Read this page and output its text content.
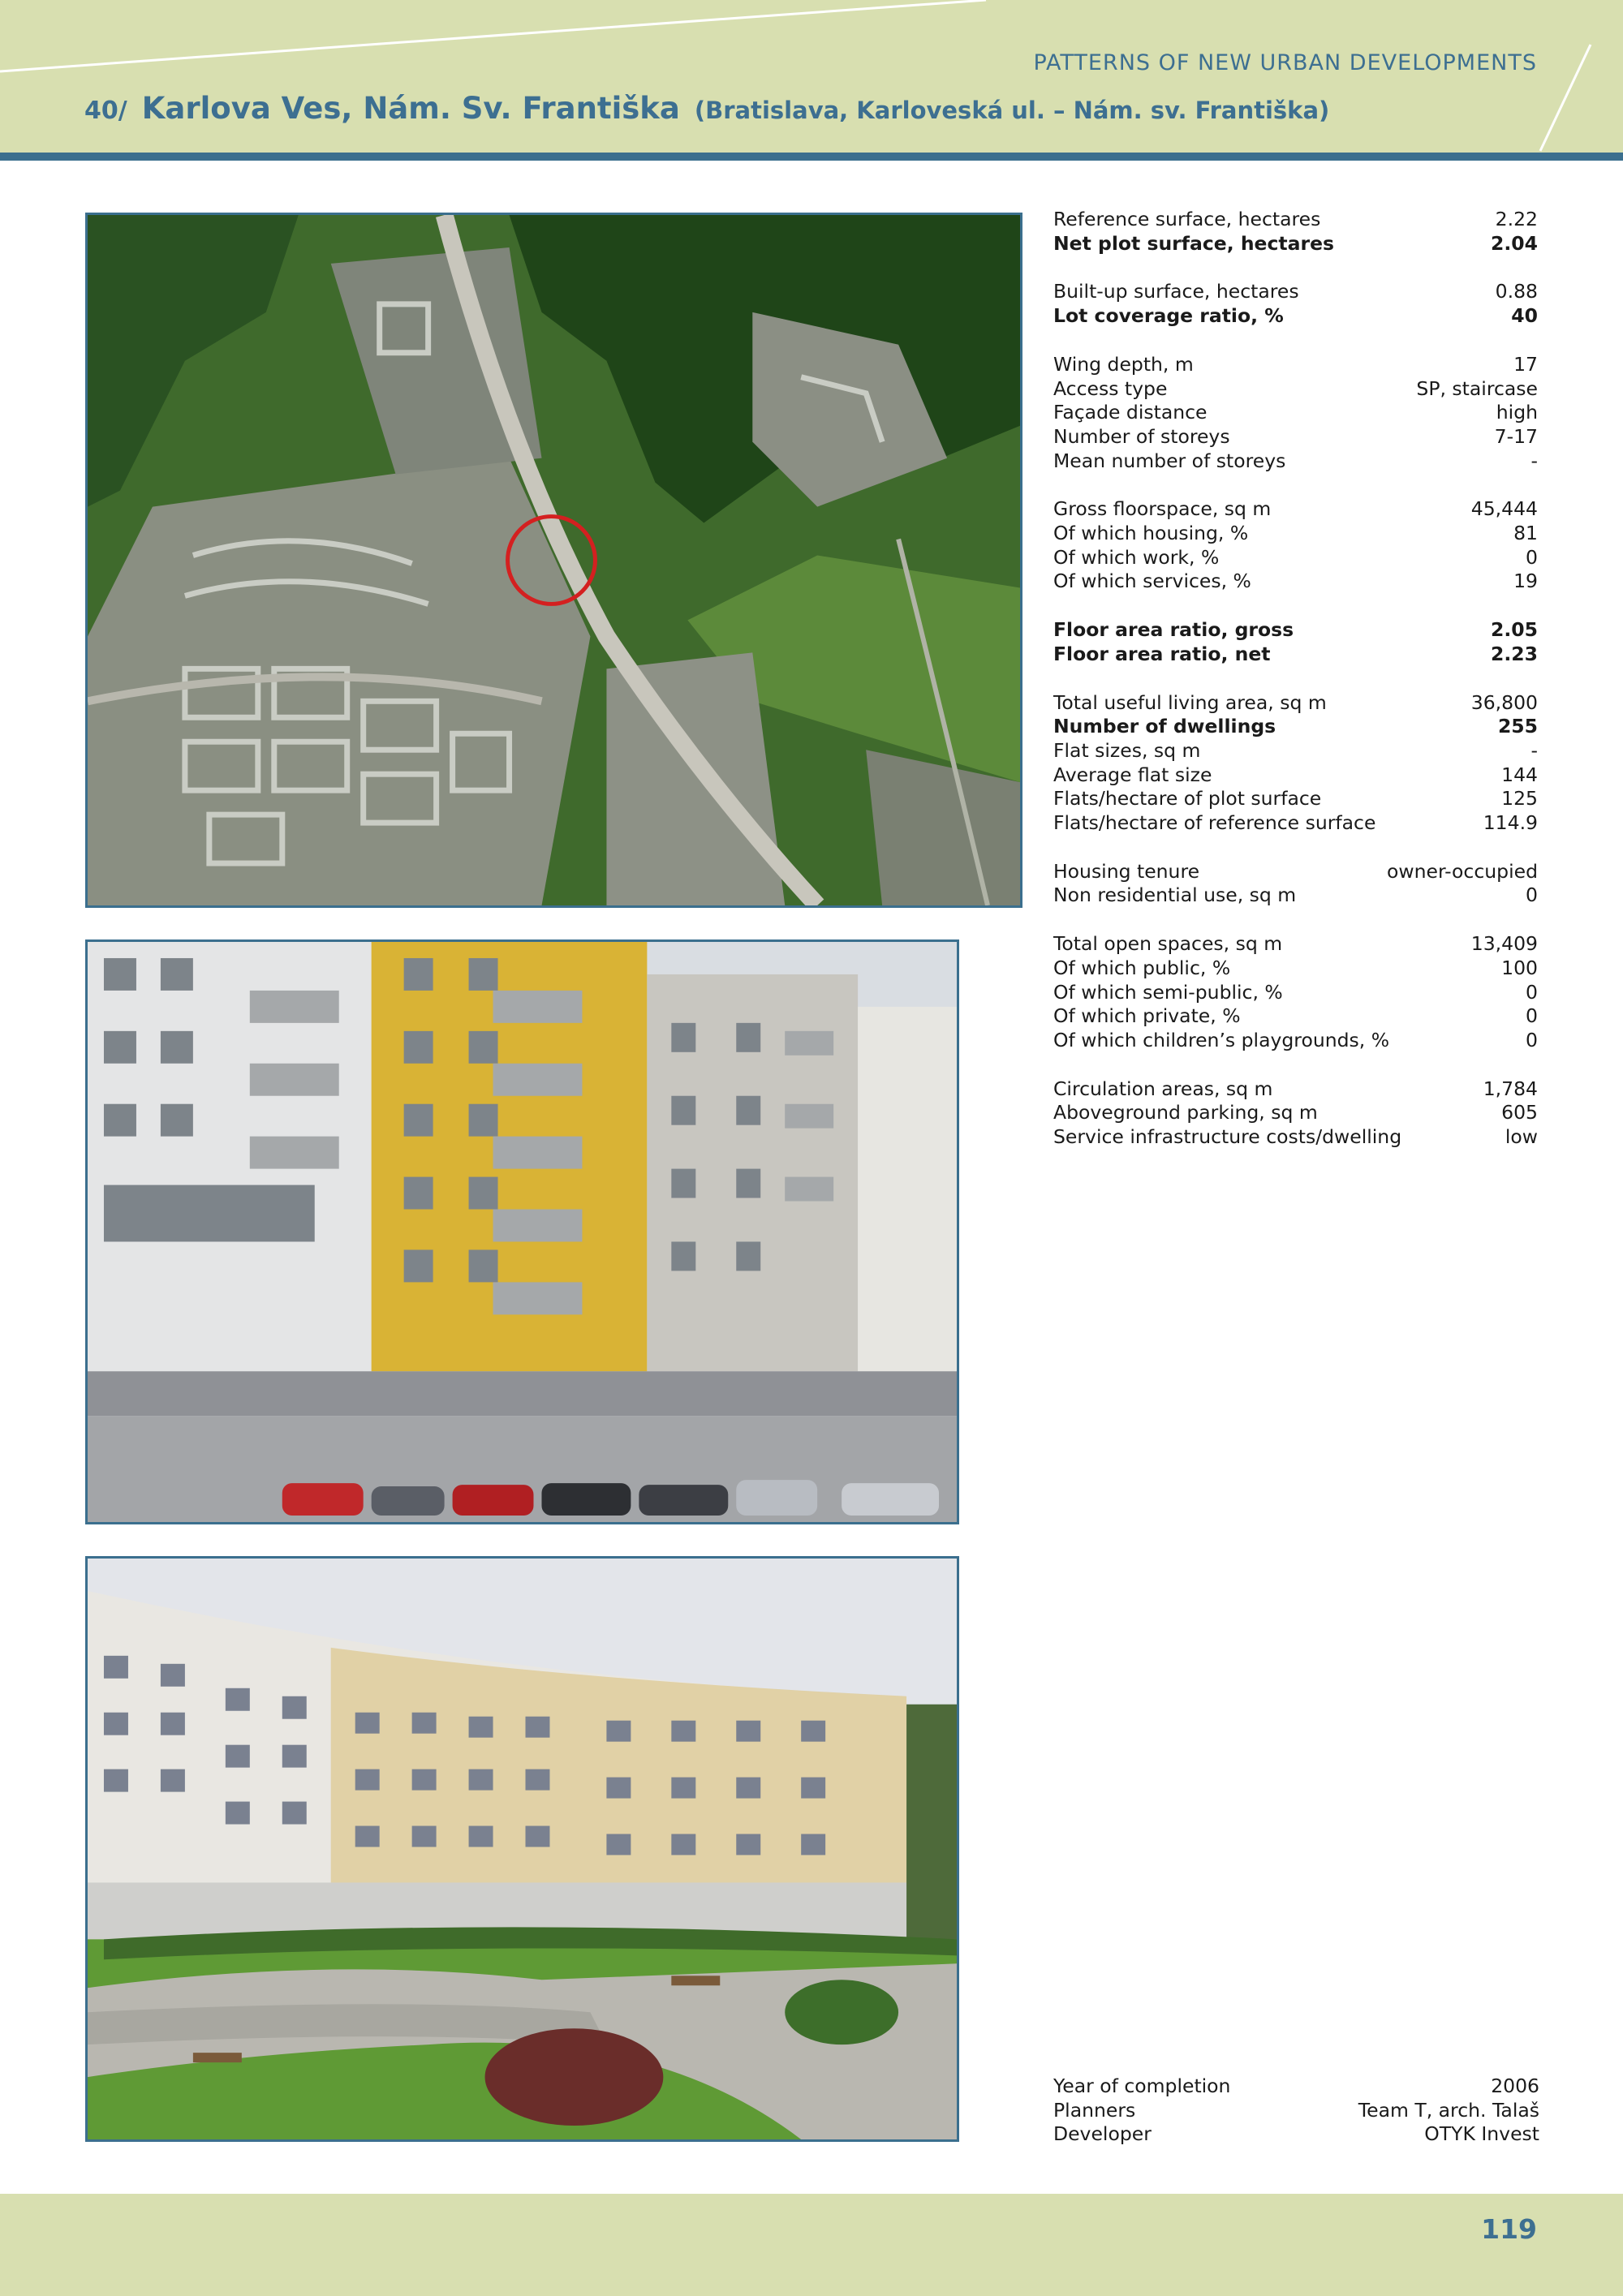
PATTERNS OF NEW URBAN DEVELOPMENTS
40/ Karlova Ves, Nám. Sv. Františka (Bratislava, Karloveská ul. – Nám. sv. Františka)
Reference surface, hectares	2.22
Net plot surface, hectares	2.04
Built-up surface, hectares	0.88
Lot coverage ratio, %	40
Wing depth, m	17
Access type	SP, staircase
Façade distance	high
Number of storeys	7-17
Mean number of storeys	-
Gross floorspace, sq m	45,444
Of which housing, %	81
Of which work, %	0
Of which services, %	19
Floor area ratio, gross	2.05
Floor area ratio, net	2.23
Total useful living area, sq m	36,800
Number of dwellings	255
Flat sizes, sq m	-
Average flat size	144
Flats/hectare of plot surface	125
Flats/hectare of reference surface	114.9
Housing tenure	owner-occupied
Non residential use, sq m	0
Total open spaces, sq m	13,409
Of which public, %	100
Of which semi-public, %	0
Of which private, %	0
Of which children’s playgrounds, %	0
Circulation areas, sq m	1,784
Aboveground parking, sq m	605
Service infrastructure costs/dwelling	low
Year of completion	2006
Planners	Team T, arch. Talaš
Developer	OTYK Invest
119
